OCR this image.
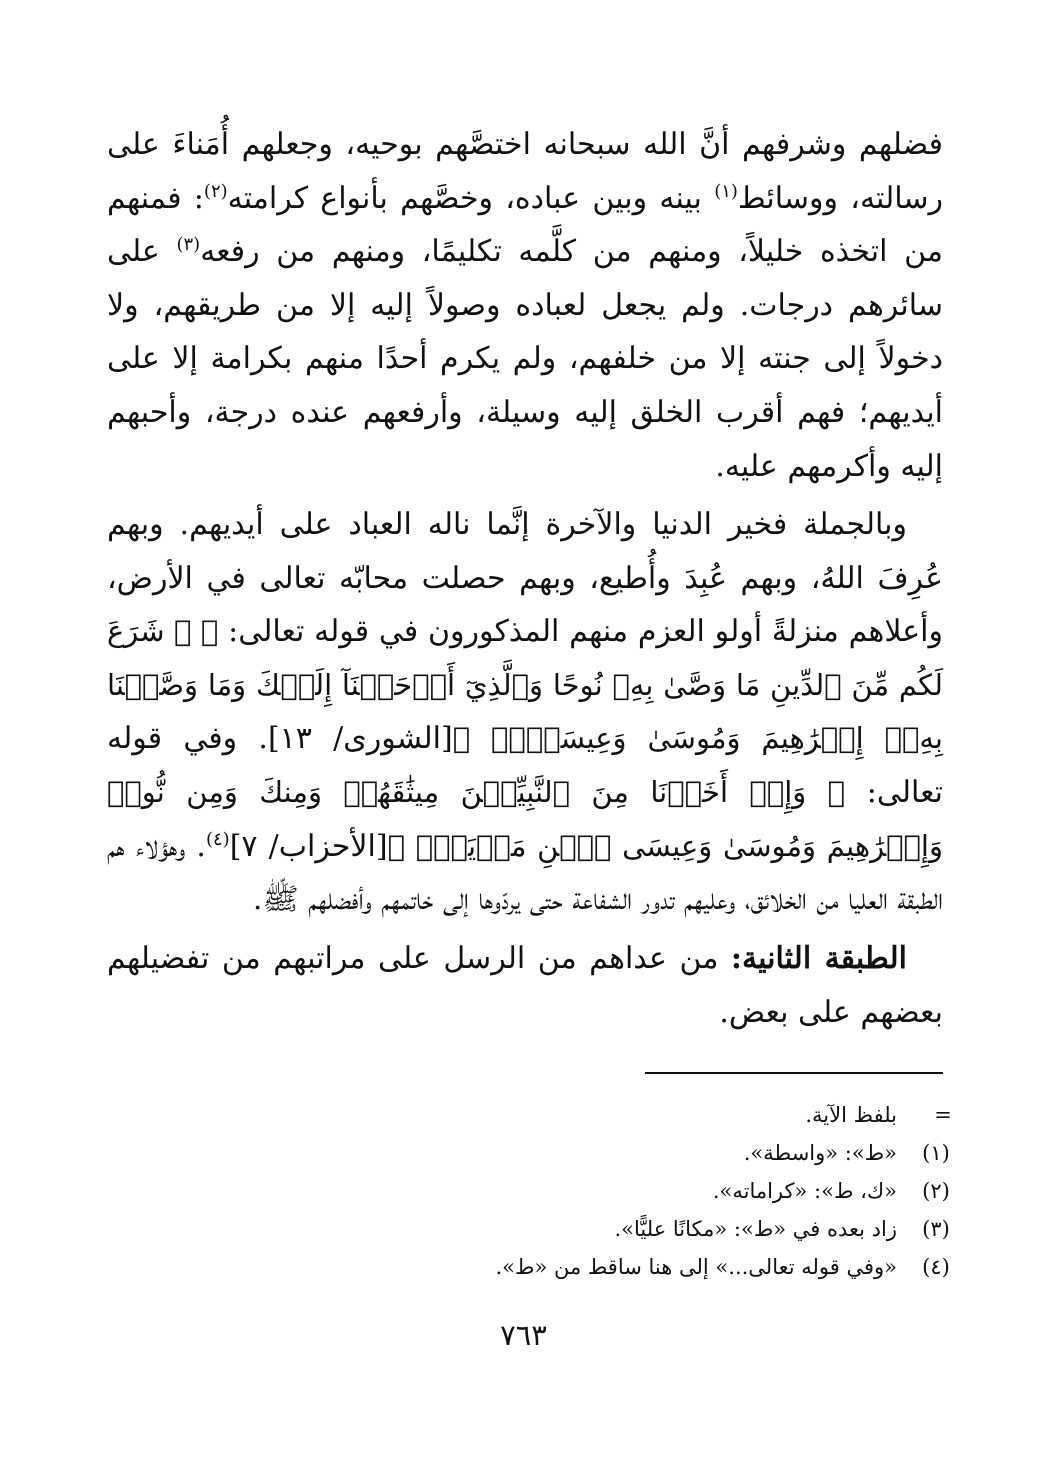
فضلهم وشرفهم أنَّ الله سبحانه اختصَّهم بوحيه، وجعلهم أُمَناءَ على رسالته، ووسائط$^{(١)}$ بينه وبين عباده، وخصَّهم بأنواع كرامته$^{(٢)}$: فمنهم من اتخذه خليلاً، ومنهم من كلَّمه تكليمًا، ومنهم من رفعه$^{(٣)}$ على سائرهم درجات. ولم يجعل لعباده وصولاً إليه إلا من طريقهم، ولا دخولاً إلى جنته إلا من خلفهم، ولم يكرم أحدًا منهم بكرامة إلا على أيديهم؛ فهم أقرب الخلق إليه وسيلة، وأرفعهم عنده درجة، وأحبهم إليه وأكرمهم عليه.
وبالجملة فخير الدنيا والآخرة إنَّما ناله العباد على أيديهم. وبهم عُرِفَ اللهُ، وبهم عُبِدَ وأُطيع، وبهم حصلت محابّه تعالى في الأرض، وأعلاهم منزلةً أولو العزم منهم المذكورون في قوله تعالى: ﴿ ۞ شَرَعَ لَكُم مِّنَ ٱلدِّينِ مَا وَصَّىٰ بِهِۦ نُوحًا وَٱلَّذِيٓ أَوۡحَيۡنَآ إِلَيۡكَ وَمَا وَصَّيۡنَا بِهِۦٓ إِبۡرَٰهِيمَ وَمُوسَىٰ وَعِيسَىٰٓۖ ﴾[الشورى/ ١٣]. وفي قوله تعالى: ﴿ وَإِذۡ أَخَذۡنَا مِنَ ٱلنَّبِيِّـۧنَ مِيثَٰقَهُمۡ وَمِنكَ وَمِن نُّوحٖ وَإِبۡرَٰهِيمَ وَمُوسَىٰ وَعِيسَى ٱبۡنِ مَرۡيَمَۖ ﴾[الأحزاب/ ٧]$^{(٤)}$. وهؤلاء هم الطبقة العليا من الخلائق، وعليهم تدور الشفاعة حتى يردّوها إلى خاتمهم وأفضلهم ﷺ.
الطبقة الثانية: من عداهم من الرسل على مراتبهم من تفضيلهم بعضهم على بعض.
=
بلفظ الآية.
(١)
«ط»: «واسطة».
(٢)
«ك، ط»: «كراماته».
(٣)
زاد بعده في «ط»: «مكانًا عليًّا».
(٤)
«وفي قوله تعالى...» إلى هنا ساقط من «ط».
٧٦٣
